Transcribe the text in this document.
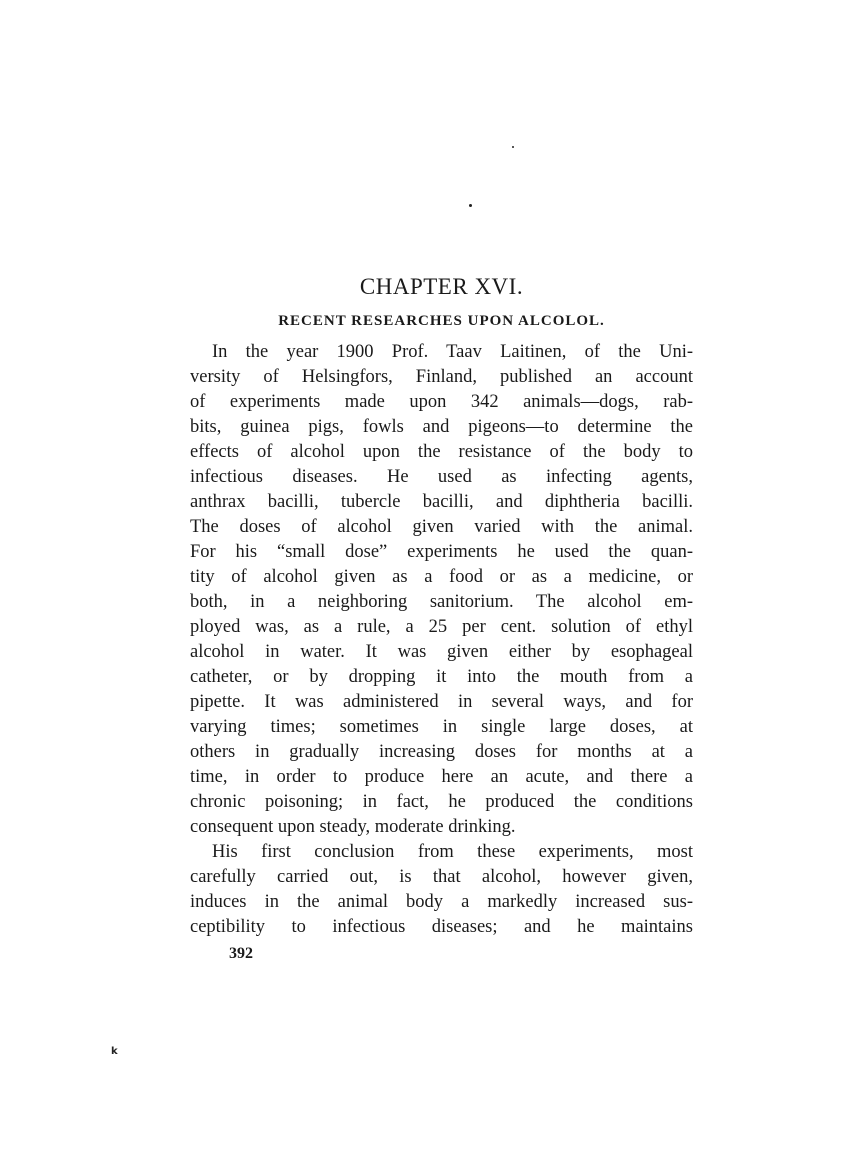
CHAPTER XVI.
RECENT RESEARCHES UPON ALCOLOL.
In the year 1900 Prof. Taav Laitinen, of the Uni-
versity of Helsingfors, Finland, published an account
of experiments made upon 342 animals—dogs, rab-
bits, guinea pigs, fowls and pigeons—to determine the
effects of alcohol upon the resistance of the body to
infectious diseases. He used as infecting agents,
anthrax bacilli, tubercle bacilli, and diphtheria bacilli.
The doses of alcohol given varied with the animal.
For his “small dose” experiments he used the quan-
tity of alcohol given as a food or as a medicine, or
both, in a neighboring sanitorium. The alcohol em-
ployed was, as a rule, a 25 per cent. solution of ethyl
alcohol in water. It was given either by esophageal
catheter, or by dropping it into the mouth from a
pipette. It was administered in several ways, and for
varying times; sometimes in single large doses, at
others in gradually increasing doses for months at a
time, in order to produce here an acute, and there a
chronic poisoning; in fact, he produced the conditions
consequent upon steady, moderate drinking.
His first conclusion from these experiments, most
carefully carried out, is that alcohol, however given,
induces in the animal body a markedly increased sus-
ceptibility to infectious diseases; and he maintains
392
k
